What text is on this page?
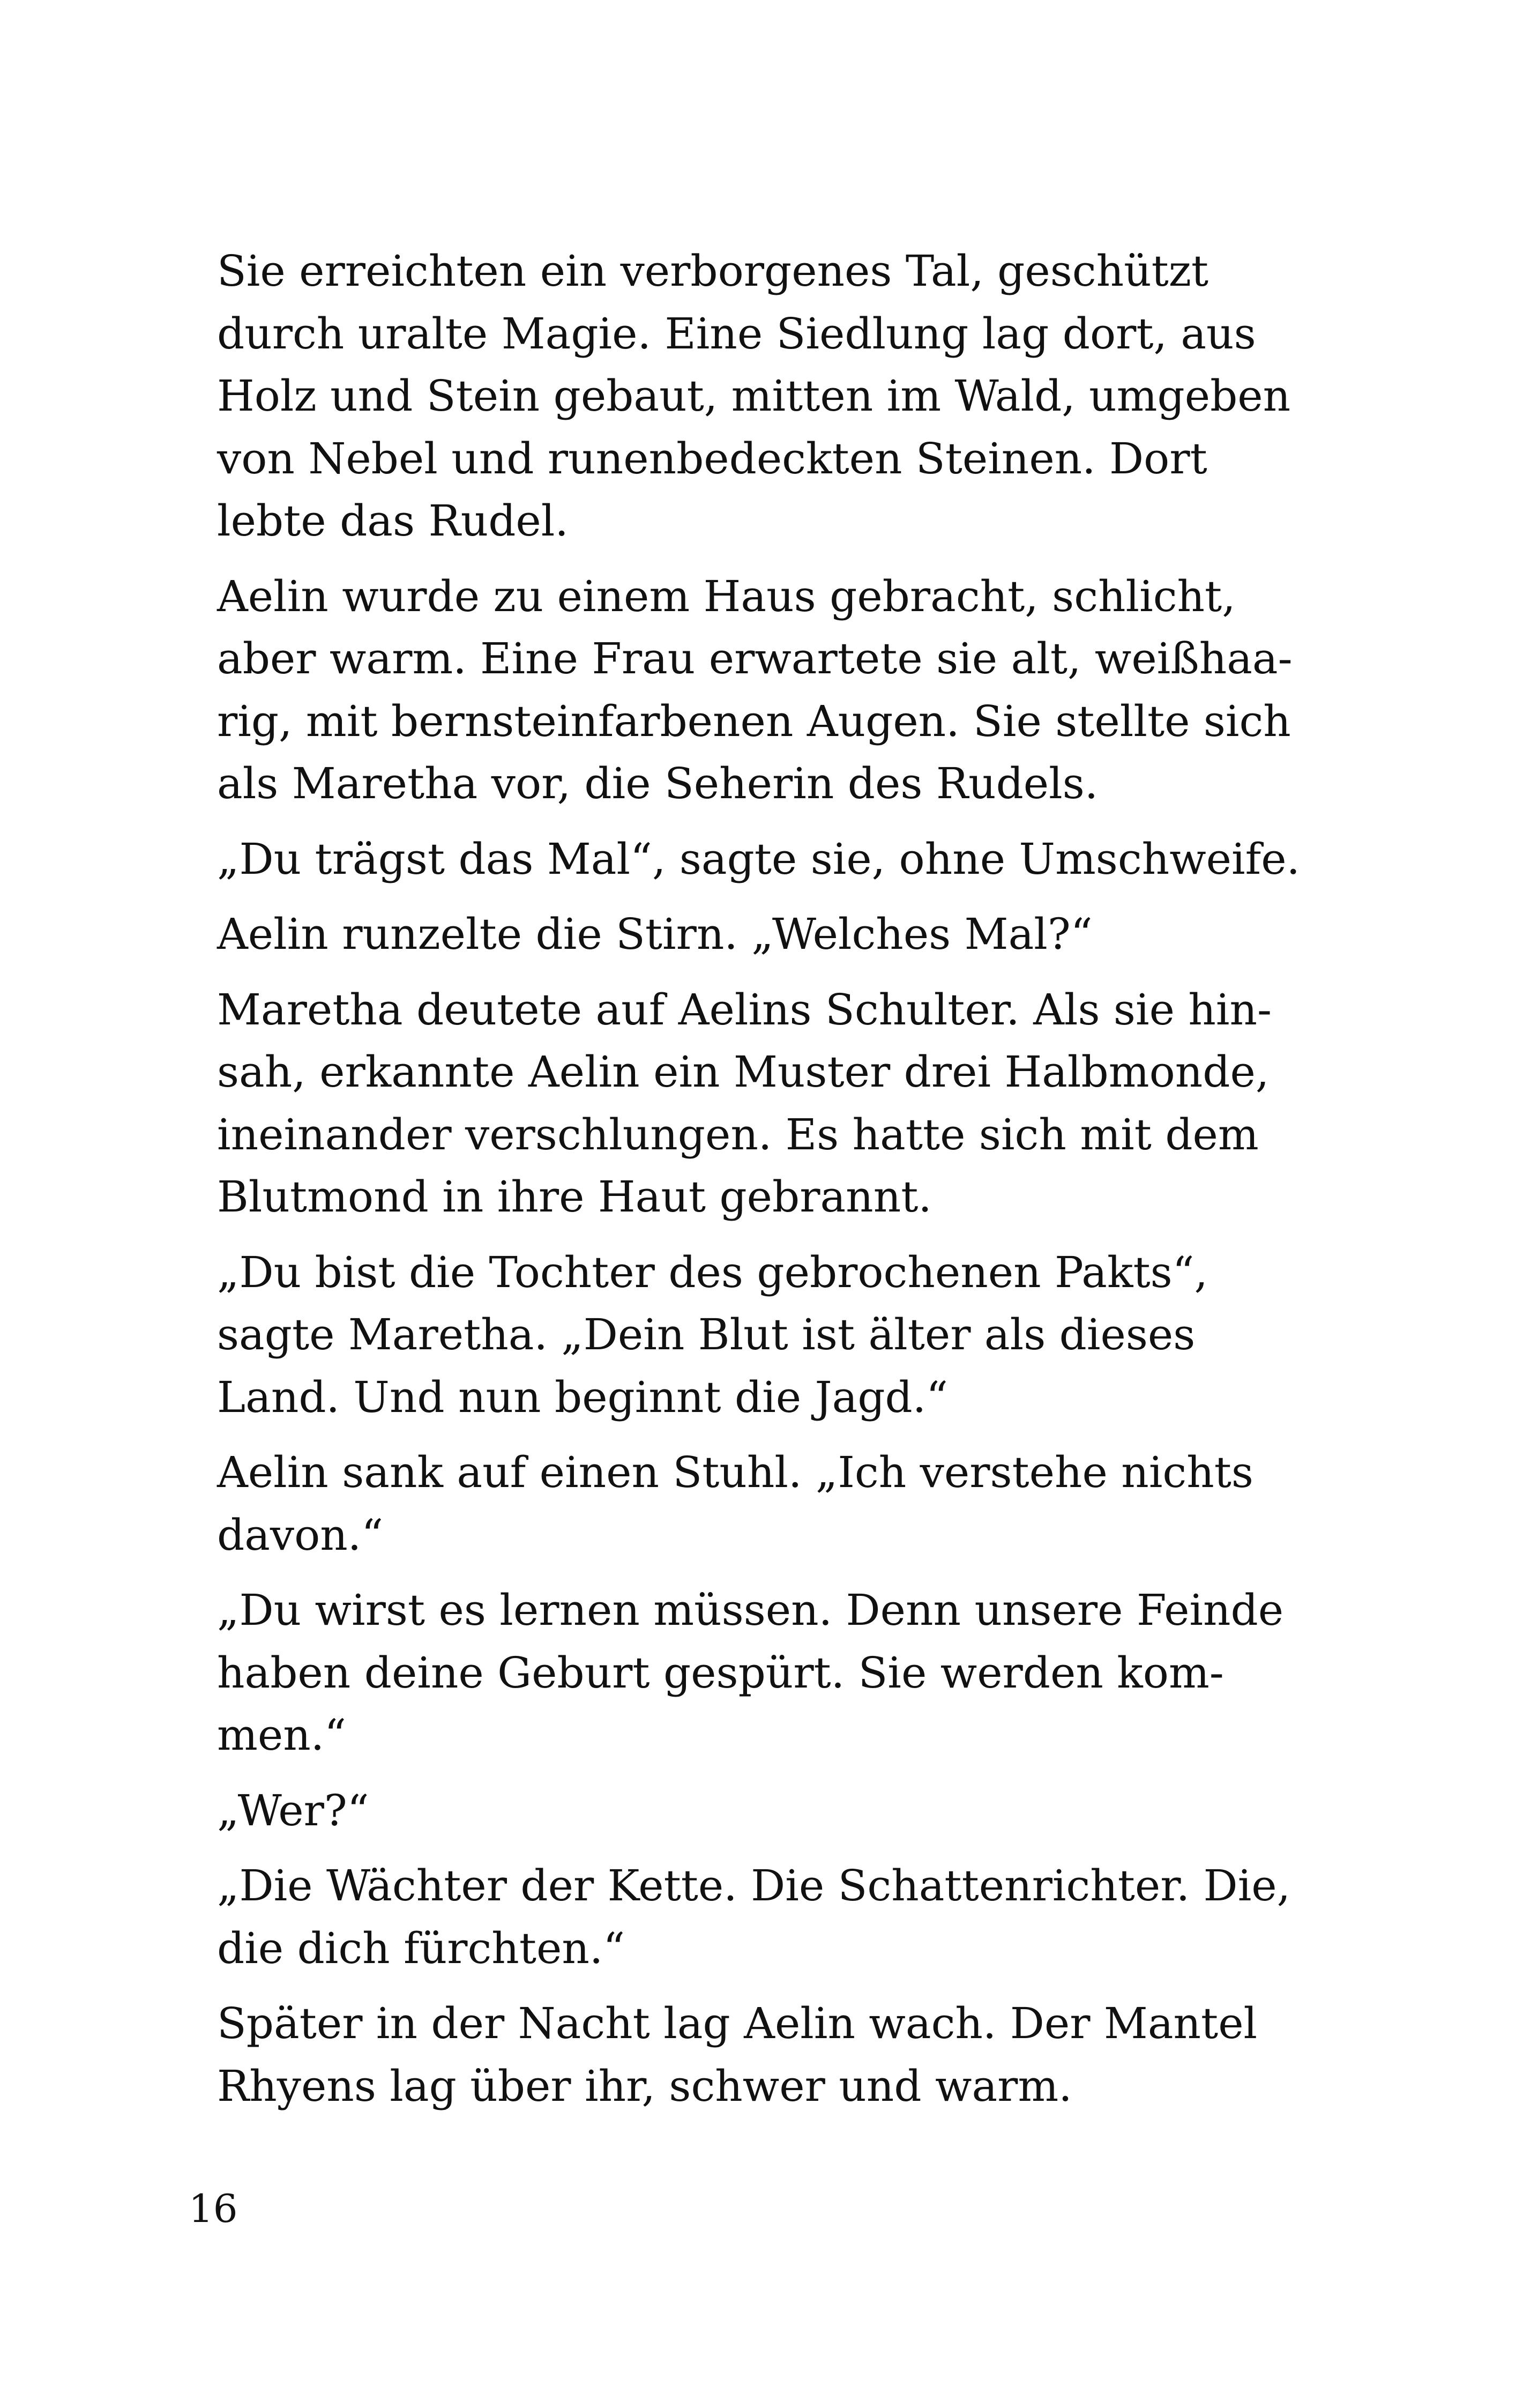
Sie erreichten ein verborgenes Tal, geschützt
durch uralte Magie. Eine Siedlung lag dort, aus
Holz und Stein gebaut, mitten im Wald, umgeben
von Nebel und runenbedeckten Steinen. Dort
lebte das Rudel.

Aelin wurde zu einem Haus gebracht, schlicht,
aber warm. Eine Frau erwartete sie alt, weißhaa-
rig, mit bernsteinfarbenen Augen. Sie stellte sich
als Maretha vor, die Seherin des Rudels.

„Du trägst das Mal“, sagte sie, ohne Umschweife.

Aelin runzelte die Stirn. „Welches Mal?“

Maretha deutete auf Aelins Schulter. Als sie hin-
sah, erkannte Aelin ein Muster drei Halbmonde,
ineinander verschlungen. Es hatte sich mit dem
Blutmond in ihre Haut gebrannt.

„Du bist die Tochter des gebrochenen Pakts“,
sagte Maretha. „Dein Blut ist älter als dieses
Land. Und nun beginnt die Jagd.“

Aelin sank auf einen Stuhl. „Ich verstehe nichts
davon.“

„Du wirst es lernen müssen. Denn unsere Feinde
haben deine Geburt gespürt. Sie werden kom-
men.“

„Wer?“

„Die Wächter der Kette. Die Schattenrichter. Die,
die dich fürchten.“

Später in der Nacht lag Aelin wach. Der Mantel
Rhyens lag über ihr, schwer und warm.

16
